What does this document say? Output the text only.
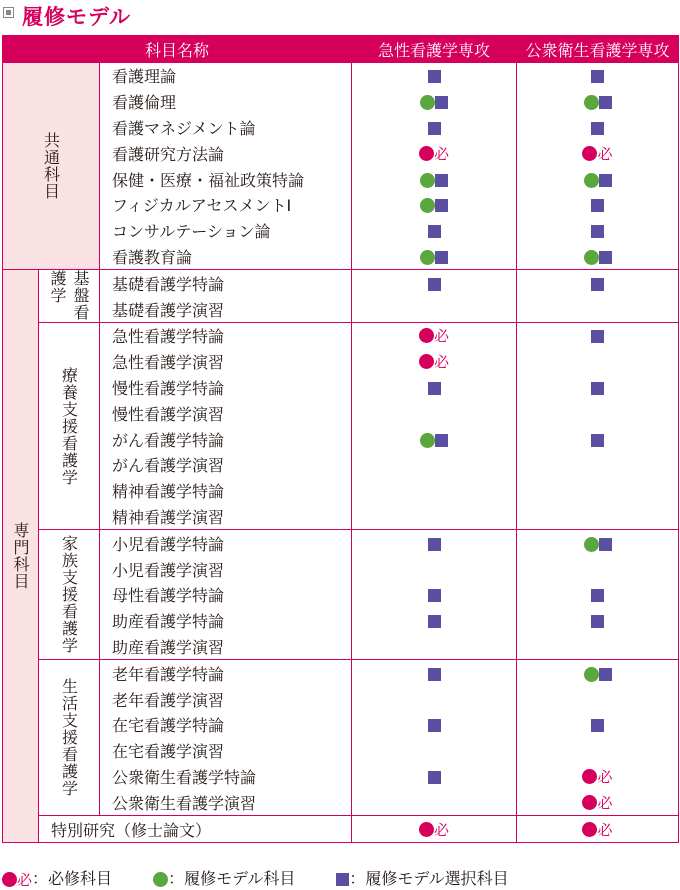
履修モデル
科目名称			急性看護学専攻	公衆衛生看護学専攻

共通科目		看護理論		
		看護倫理		
		看護マネジメント論		
		看護研究方法論	必	必
		保健・医療・福祉政策特論		
		フィジカルアセスメントⅠ		
		コンサルテーション論		
		看護教育論		

専門科目	基盤看護学	基礎看護学特論		
		基礎看護学演習		

	療養支援看護学	急性看護学特論	必	
		急性看護学演習	必	
		慢性看護学特論		
		慢性看護学演習		
		がん看護学特論		
		がん看護学演習		
		精神看護学特論		
		精神看護学演習		

	家族支援看護学	小児看護学特論		
		小児看護学演習		
		母性看護学特論		
		助産看護学特論		
		助産看護学演習		

	生活支援看護学	老年看護学特論		
		老年看護学演習		
		在宅看護学特論		
		在宅看護学演習		
		公衆衛生看護学特論		必
		公衆衛生看護学演習		必
	特別研究（修士論文）		必	必
必：必修科目	：履修モデル科目	：履修モデル選択科目
